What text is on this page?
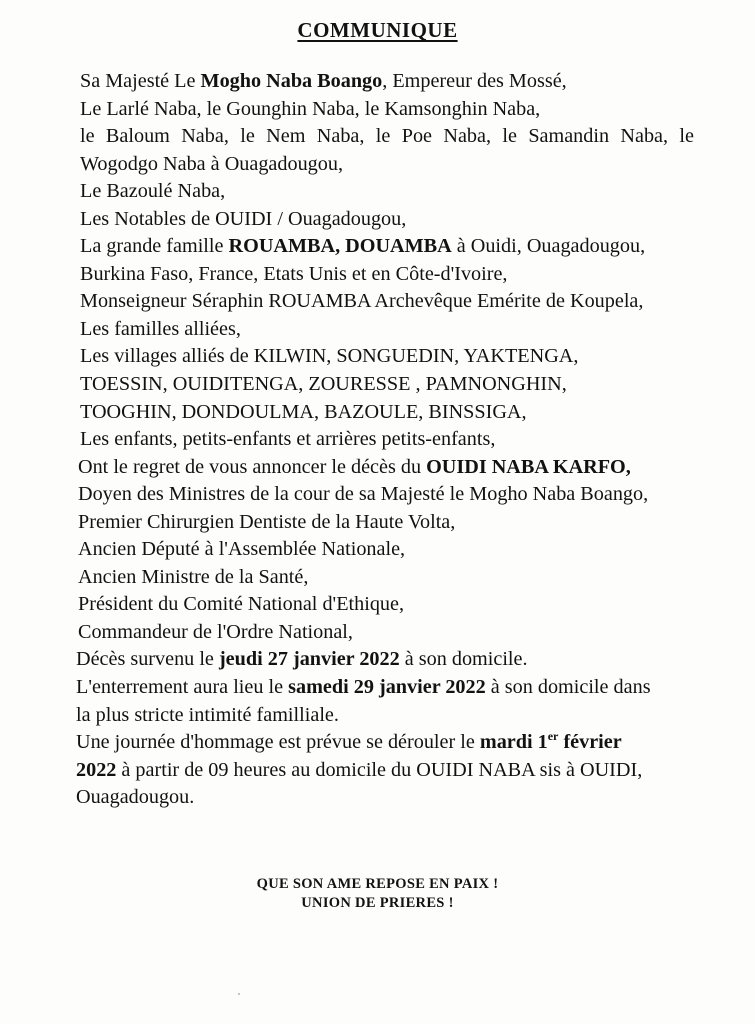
COMMUNIQUE
Sa Majesté Le Mogho Naba Boango, Empereur des Mossé,
Le Larlé Naba, le Gounghin Naba, le Kamsonghin Naba,
le Baloum Naba, le Nem Naba, le Poe Naba, le Samandin Naba, le
Wogodgo Naba à Ouagadougou,
Le Bazoulé Naba,
Les Notables de OUIDI / Ouagadougou,
La grande famille ROUAMBA, DOUAMBA à Ouidi, Ouagadougou,
Burkina Faso, France, Etats Unis et en Côte-d'Ivoire,
Monseigneur Séraphin ROUAMBA Archevêque Emérite de Koupela,
Les familles alliées,
Les villages alliés de KILWIN, SONGUEDIN, YAKTENGA,
TOESSIN, OUIDITENGA, ZOURESSE , PAMNONGHIN,
TOOGHIN, DONDOULMA, BAZOULE, BINSSIGA,
Les enfants, petits-enfants et arrières petits-enfants,
Ont le regret de vous annoncer le décès du OUIDI NABA KARFO,
Doyen des Ministres de la cour de sa Majesté le Mogho Naba Boango,
Premier Chirurgien Dentiste de la Haute Volta,
Ancien Député à l'Assemblée Nationale,
Ancien Ministre de la Santé,
Président du Comité National d'Ethique,
Commandeur de l'Ordre National,
Décès survenu le jeudi 27 janvier 2022 à son domicile.
L'enterrement aura lieu le samedi 29 janvier 2022 à son domicile dans
la plus stricte intimité familliale.
Une journée d'hommage est prévue se dérouler le mardi 1er février
2022 à partir de 09 heures au domicile du OUIDI NABA sis à OUIDI,
Ouagadougou.
QUE SON AME REPOSE EN PAIX !
UNION DE PRIERES !
